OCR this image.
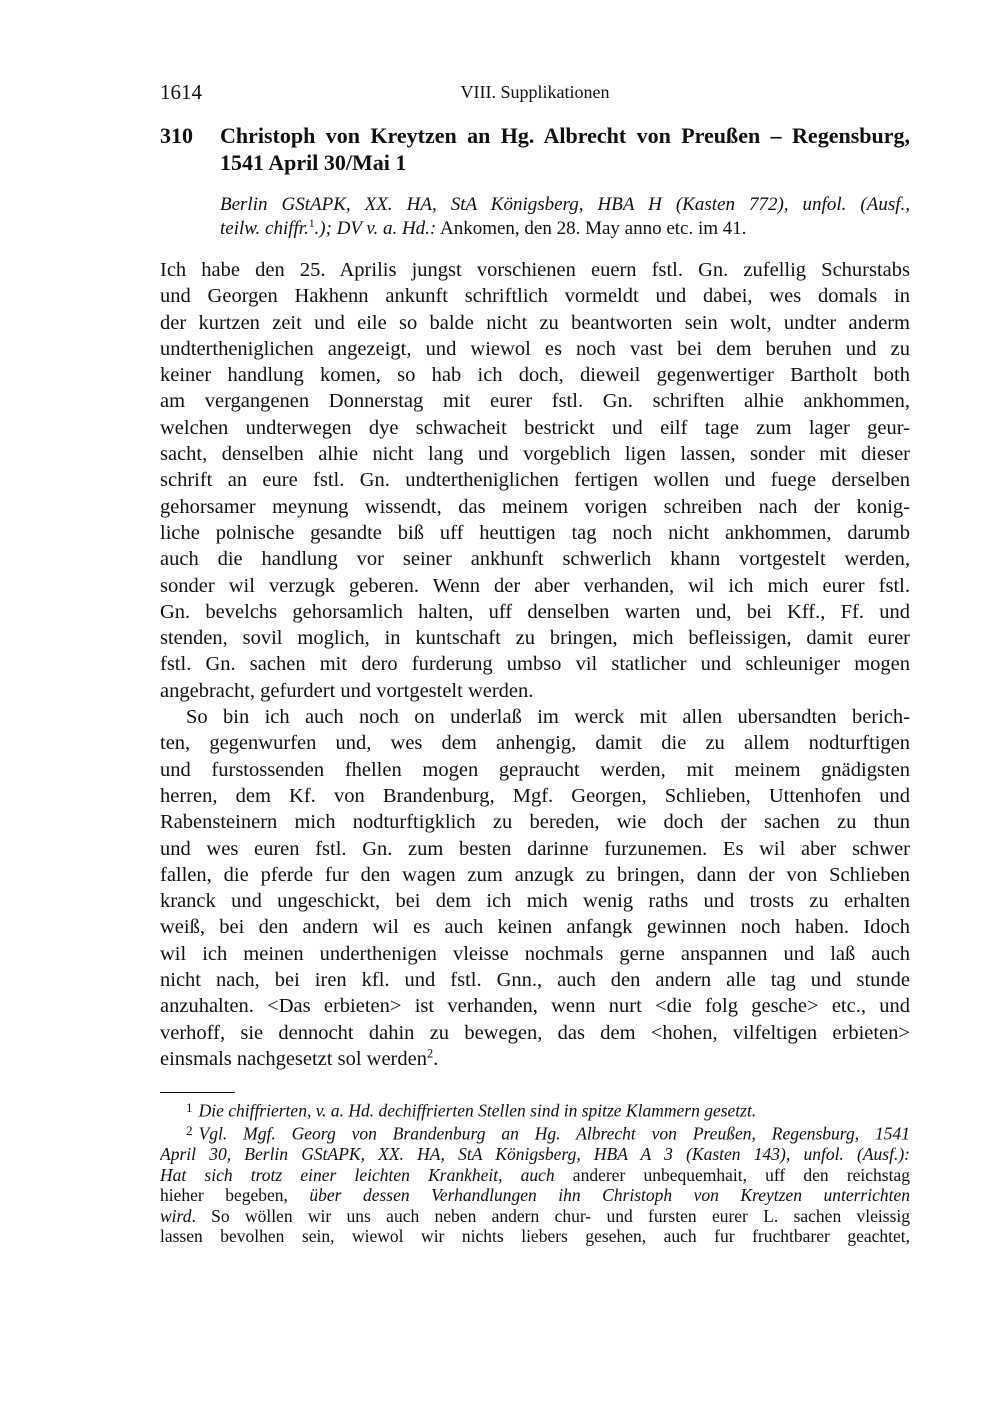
1614	VIII. Supplikationen
310 Christoph von Kreytzen an Hg. Albrecht von Preußen – Regensburg,
1541 April 30/Mai 1
Berlin GStAPK, XX. HA, StA Königsberg, HBA H (Kasten 772), unfol. (Ausf.,
teilw. chiffr.$^1$.); DV v. a. Hd.: Ankomen, den 28. May anno etc. im 41.
Ich habe den 25. Aprilis jungst vorschienen euern fstl. Gn. zufellig Schurstabs
und Georgen Hakhenn ankunft schriftlich vormeldt und dabei, wes domals in
der kurtzen zeit und eile so balde nicht zu beantworten sein wolt, undter anderm
undtertheniglichen angezeigt, und wiewol es noch vast bei dem beruhen und zu
keiner handlung komen, so hab ich doch, dieweil gegenwertiger Bartholt both
am vergangenen Donnerstag mit eurer fstl. Gn. schriften alhie ankhommen,
welchen undterwegen dye schwacheit bestrickt und eilf tage zum lager geur-
sacht, denselben alhie nicht lang und vorgeblich ligen lassen, sonder mit dieser
schrift an eure fstl. Gn. undtertheniglichen fertigen wollen und fuege derselben
gehorsamer meynung wissendt, das meinem vorigen schreiben nach der konig-
liche polnische gesandte biß uff heuttigen tag noch nicht ankhommen, darumb
auch die handlung vor seiner ankhunft schwerlich khann vortgestelt werden,
sonder wil verzugk geberen. Wenn der aber verhanden, wil ich mich eurer fstl.
Gn. bevelchs gehorsamlich halten, uff denselben warten und, bei Kff., Ff. und
stenden, sovil moglich, in kuntschaft zu bringen, mich befleissigen, damit eurer
fstl. Gn. sachen mit dero furderung umbso vil statlicher und schleuniger mogen
angebracht, gefurdert und vortgestelt werden.
So bin ich auch noch on underlaß im werck mit allen ubersandten berich-
ten, gegenwurfen und, wes dem anhengig, damit die zu allem nodturftigen
und furstossenden fhellen mogen gepraucht werden, mit meinem gnädigsten
herren, dem Kf. von Brandenburg, Mgf. Georgen, Schlieben, Uttenhofen und
Rabensteinern mich nodturftigklich zu bereden, wie doch der sachen zu thun
und wes euren fstl. Gn. zum besten darinne furzunemen. Es wil aber schwer
fallen, die pferde fur den wagen zum anzugk zu bringen, dann der von Schlieben
kranck und ungeschickt, bei dem ich mich wenig raths und trosts zu erhalten
weiß, bei den andern wil es auch keinen anfangk gewinnen noch haben. Idoch
wil ich meinen underthenigen vleisse nochmals gerne anspannen und laß auch
nicht nach, bei iren kfl. und fstl. Gnn., auch den andern alle tag und stunde
anzuhalten. <Das erbieten> ist verhanden, wenn nurt <die folg gesche> etc., und
verhoff, sie dennocht dahin zu bewegen, das dem <hohen, vilfeltigen erbieten>
einsmals nachgesetzt sol werden$^2$.
$^1$ Die chiffrierten, v. a. Hd. dechiffrierten Stellen sind in spitze Klammern gesetzt.
$^2$ Vgl. Mgf. Georg von Brandenburg an Hg. Albrecht von Preußen, Regensburg, 1541
April 30, Berlin GStAPK, XX. HA, StA Königsberg, HBA A 3 (Kasten 143), unfol. (Ausf.):
Hat sich trotz einer leichten Krankheit, auch anderer unbequemhait, uff den reichstag
hieher begeben, über dessen Verhandlungen ihn Christoph von Kreytzen unterrichten
wird. So wöllen wir uns auch neben andern chur- und fursten eurer L. sachen vleissig
lassen bevolhen sein, wiewol wir nichts liebers gesehen, auch fur fruchtbarer geachtet,
